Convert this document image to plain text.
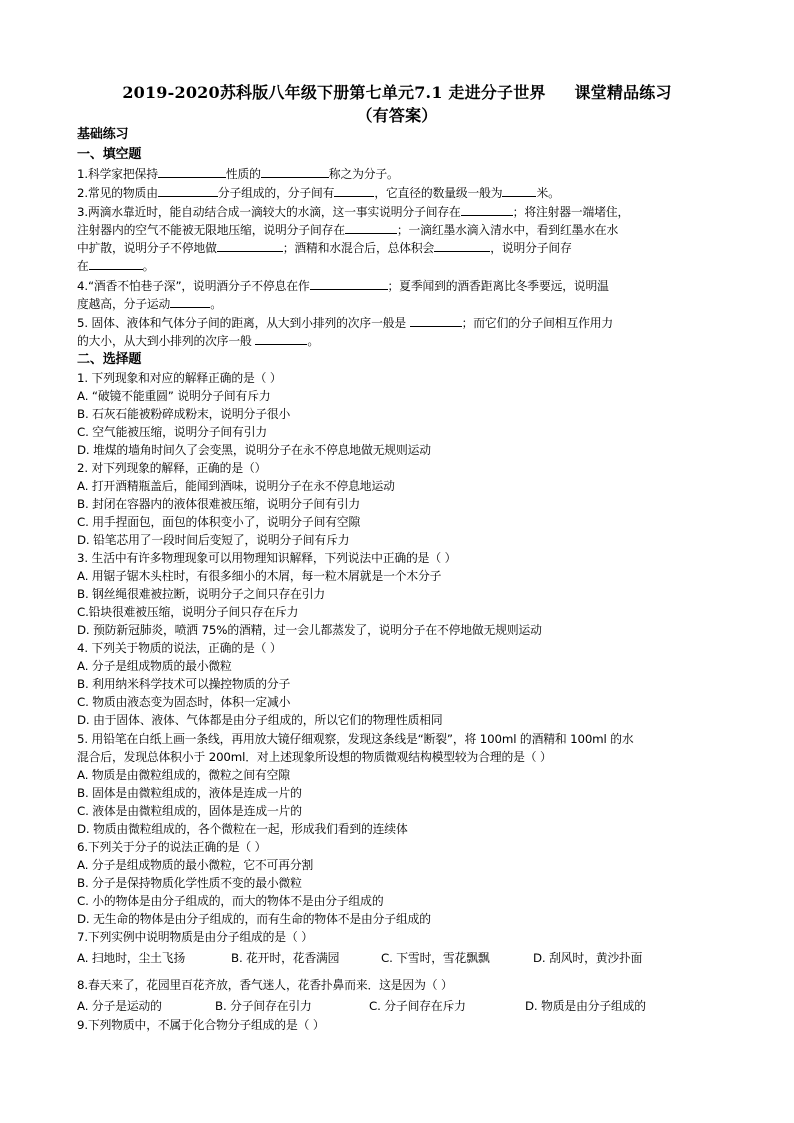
2019-2020苏科版八年级下册第七单元7.1 走进分子世界     课堂精品练习
（有答案）
基础练习
一、填空题
1.科学家把保持	性质的	称之为分子。
2.常见的物质由	分子组成的，分子间有	，它直径的数量级一般为	米。
3.两滴水靠近时，能自动结合成一滴较大的水滴，这一事实说明分子间存在	；将注射器一端堵住，
注射器内的空气不能被无限地压缩，说明分子间存在	；一滴红墨水滴入清水中，看到红墨水在水
中扩散，说明分子不停地做	；酒精和水混合后，总体积会	，说明分子间存
在	。
4.“酒香不怕巷子深”，说明酒分子不停息在作	；夏季闻到的酒香距离比冬季要远，说明温
度越高，分子运动	。
5. 固体、液体和气体分子间的距离，从大到小排列的次序一般是	；而它们的分子间相互作用力
的大小，从大到小排列的次序一般	。
二、选择题
1. 下列现象和对应的解释正确的是（ ）
A. “破镜不能重圆” 说明分子间有斥力
B. 石灰石能被粉碎成粉末，说明分子很小
C. 空气能被压缩，说明分子间有引力
D. 堆煤的墙角时间久了会变黑，说明分子在永不停息地做无规则运动
2. 对下列现象的解释，正确的是（）
A. 打开酒精瓶盖后，能闻到酒味，说明分子在永不停息地运动
B. 封闭在容器内的液体很难被压缩，说明分子间有引力
C. 用手捏面包，面包的体积变小了，说明分子间有空隙
D. 铅笔芯用了一段时间后变短了，说明分子间有斥力
3. 生活中有许多物理现象可以用物理知识解释，下列说法中正确的是（ ）
A. 用锯子锯木头柱时，有很多细小的木屑，每一粒木屑就是一个木分子
B. 钢丝绳很难被拉断，说明分子之间只存在引力
C.铅块很难被压缩，说明分子间只存在斥力
D. 预防新冠肺炎，喷洒 75%的酒精，过一会儿都蒸发了，说明分子在不停地做无规则运动
4. 下列关于物质的说法，正确的是（ ）
A. 分子是组成物质的最小微粒
B. 利用纳米科学技术可以操控物质的分子
C. 物质由液态变为固态时，体积一定减小
D. 由于固体、液体、气体都是由分子组成的，所以它们的物理性质相同
5. 用铅笔在白纸上画一条线，再用放大镜仔细观察，发现这条线是“断裂”，将 100ml 的酒精和 100ml 的水
混合后，发现总体积小于 200ml．对上述现象所设想的物质微观结构模型较为合理的是（ ）
A. 物质是由微粒组成的，微粒之间有空隙
B. 固体是由微粒组成的，液体是连成一片的
C. 液体是由微粒组成的，固体是连成一片的
D. 物质由微粒组成的，各个微粒在一起，形成我们看到的连续体
6.下列关于分子的说法正确的是（ ）
A. 分子是组成物质的最小微粒，它不可再分割
B. 分子是保持物质化学性质不变的最小微粒
C. 小的物体是由分子组成的，而大的物体不是由分子组成的
D. 无生命的物体是由分子组成的，而有生命的物体不是由分子组成的
7.下列实例中说明物质是由分子组成的是（ ）
A. 扫地时，尘土飞扬	B. 花开时，花香满园	C. 下雪时，雪花飘飘	D. 刮风时，黄沙扑面
8.春天来了，花园里百花齐放，香气迷人，花香扑鼻而来．这是因为（ ）
A. 分子是运动的	B. 分子间存在引力	C. 分子间存在斥力	D. 物质是由分子组成的
9.下列物质中，不属于化合物分子组成的是（ ）
